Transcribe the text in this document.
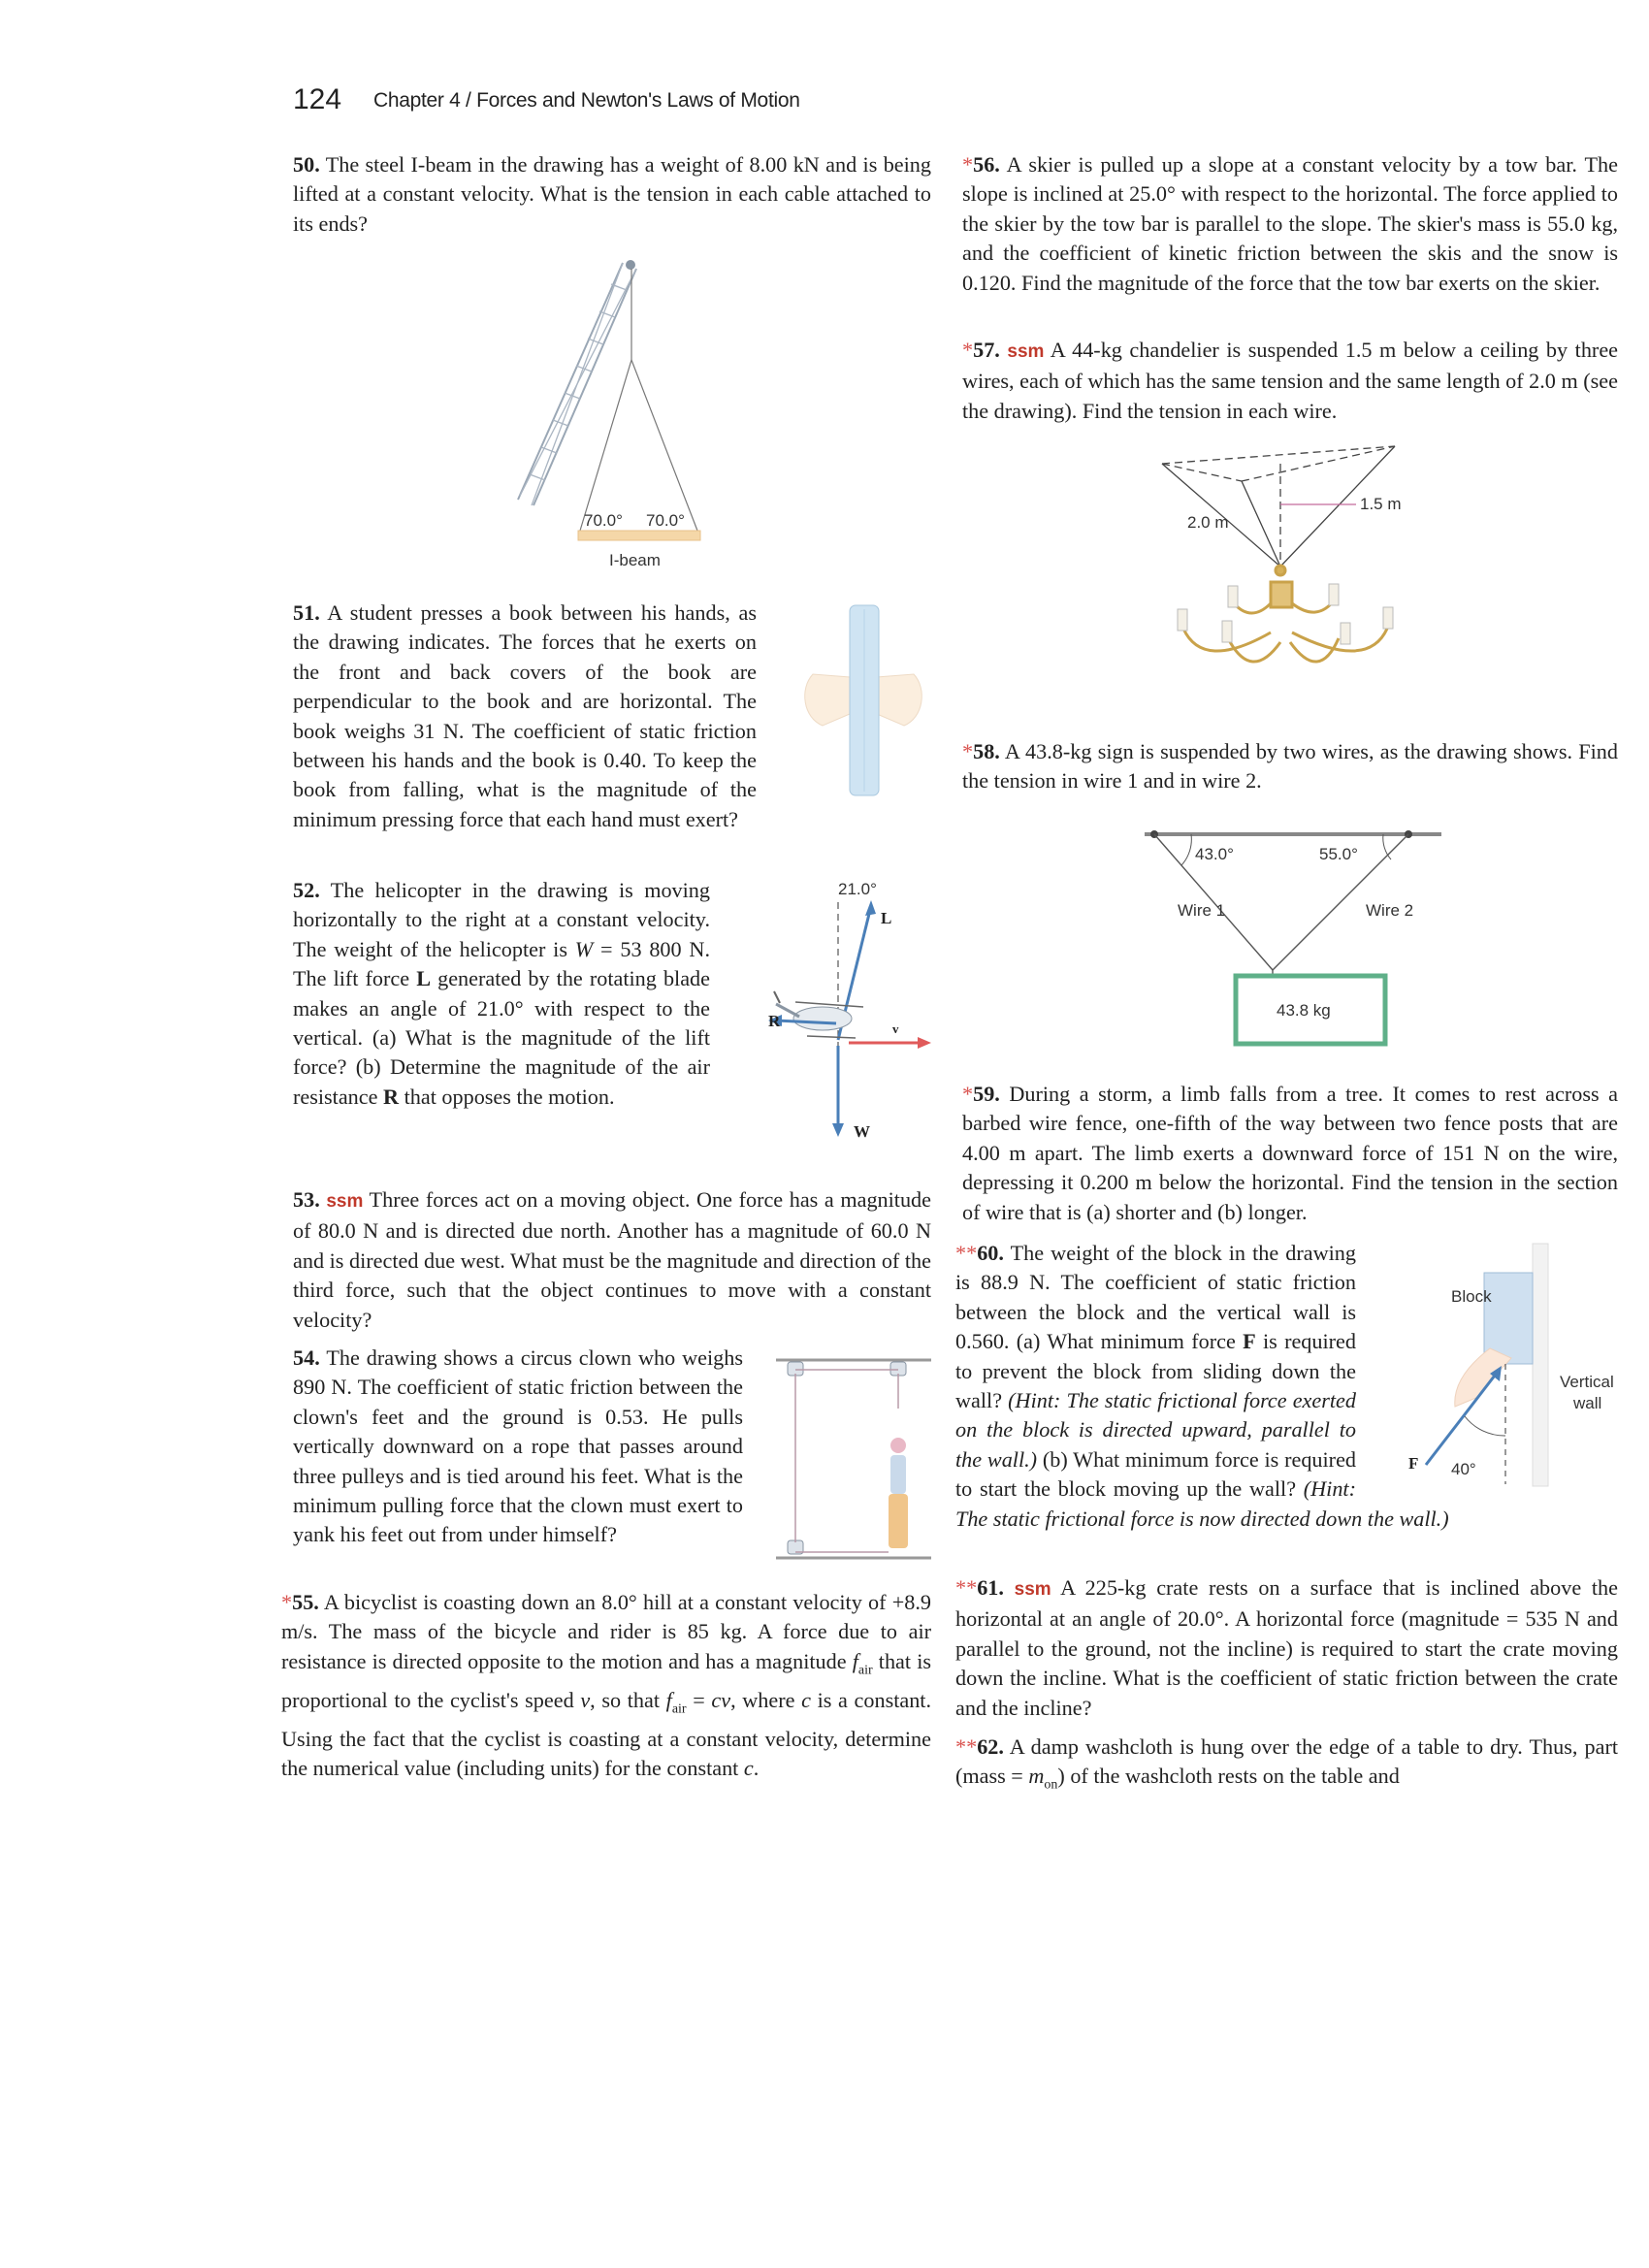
124 Chapter 4 / Forces and Newton's Laws of Motion
50. The steel I-beam in the drawing has a weight of 8.00 kN and is being lifted at a constant velocity. What is the tension in each cable attached to its ends?
70.0° 70.0°
I-beam
51. A student presses a book between his hands, as the drawing indicates. The forces that he exerts on the front and back covers of the book are perpendicular to the book and are horizontal. The book weighs 31 N. The coefficient of static friction between his hands and the book is 0.40. To keep the book from falling, what is the magnitude of the minimum pressing force that each hand must exert?
52. The helicopter in the drawing is moving horizontally to the right at a constant velocity. The weight of the helicopter is W = 53 800 N. The lift force L generated by the rotating blade makes an angle of 21.0° with respect to the vertical. (a) What is the magnitude of the lift force? (b) Determine the magnitude of the air resistance R that opposes the motion.
21.0°
L
R	v
W
53. ssm Three forces act on a moving object. One force has a magnitude of 80.0 N and is directed due north. Another has a magnitude of 60.0 N and is directed due west. What must be the magnitude and direction of the third force, such that the object continues to move with a constant velocity?
54. The drawing shows a circus clown who weighs 890 N. The coefficient of static friction between the clown's feet and the ground is 0.53. He pulls vertically downward on a rope that passes around three pulleys and is tied around his feet. What is the minimum pulling force that the clown must exert to yank his feet out from under himself?
*55. A bicyclist is coasting down an 8.0° hill at a constant velocity of +8.9 m/s. The mass of the bicycle and rider is 85 kg. A force due to air resistance is directed opposite to the motion and has a magnitude $f_{air}$ that is proportional to the cyclist's speed v, so that $f_{air}$ = cv, where c is a constant. Using the fact that the cyclist is coasting at a constant velocity, determine the numerical value (including units) for the constant c.
*56. A skier is pulled up a slope at a constant velocity by a tow bar. The slope is inclined at 25.0° with respect to the horizontal. The force applied to the skier by the tow bar is parallel to the slope. The skier's mass is 55.0 kg, and the coefficient of kinetic friction between the skis and the snow is 0.120. Find the magnitude of the force that the tow bar exerts on the skier.
*57. ssm A 44-kg chandelier is suspended 1.5 m below a ceiling by three wires, each of which has the same tension and the same length of 2.0 m (see the drawing). Find the tension in each wire.
1.5 m
2.0 m
*58. A 43.8-kg sign is suspended by two wires, as the drawing shows. Find the tension in wire 1 and in wire 2.
43.0°	55.0°
Wire 1	Wire 2
43.8 kg
*59. During a storm, a limb falls from a tree. It comes to rest across a barbed wire fence, one-fifth of the way between two fence posts that are 4.00 m apart. The limb exerts a downward force of 151 N on the wire, depressing it 0.200 m below the horizontal. Find the tension in the section of wire that is (a) shorter and (b) longer.
**60. The weight of the block in the drawing is 88.9 N. The coefficient of static friction between the block and the vertical wall is 0.560. (a) What minimum force F is required to prevent the block from sliding down the wall? (Hint: The static frictional force exerted on the block is directed upward, parallel to the wall.) (b) What minimum force is required to start the block moving up the wall? (Hint: The static frictional force is now directed down the wall.)
Block
F 40°
Vertical
wall
**61. ssm A 225-kg crate rests on a surface that is inclined above the horizontal at an angle of 20.0°. A horizontal force (magnitude = 535 N and parallel to the ground, not the incline) is required to start the crate moving down the incline. What is the coefficient of static friction between the crate and the incline?
**62. A damp washcloth is hung over the edge of a table to dry. Thus, part (mass = $m_{on}$) of the washcloth rests on the table and
